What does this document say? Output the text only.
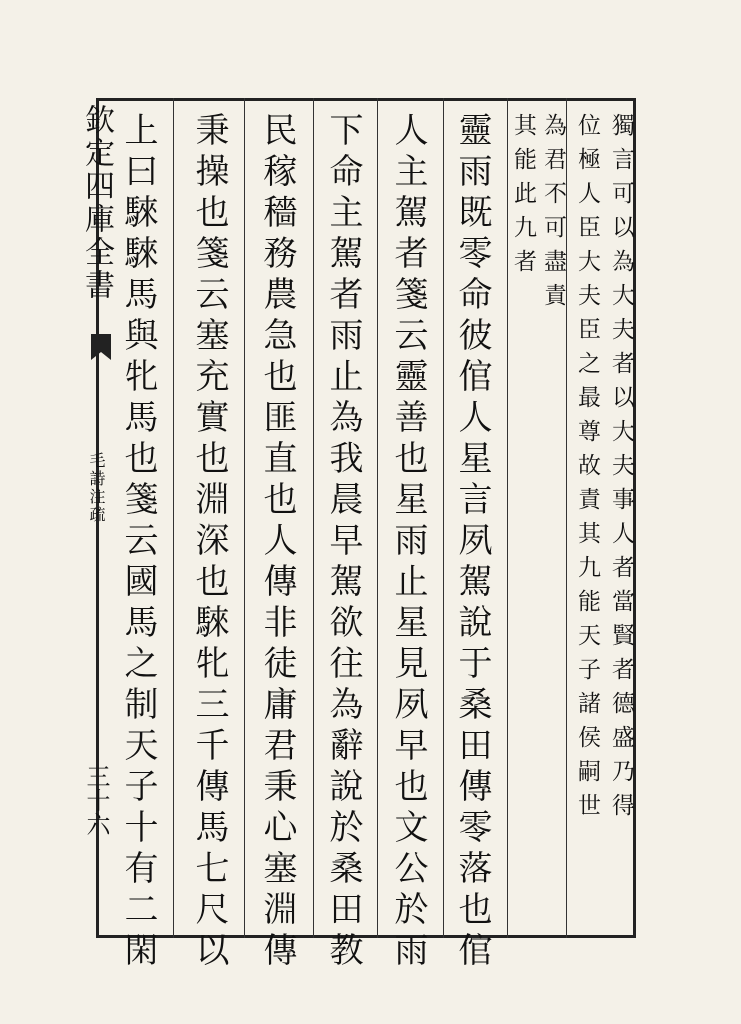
欽定四庫全書
毛詩注疏
三十六	獨言可以為大夫者以大夫事人者當賢者德盛乃得
位極人臣大夫臣之最尊故責其九能天子諸侯嗣世
為君不可盡責
其能此九者
靈雨既零命彼倌人星言夙駕說于桑田傳零落也倌
人主駕者箋云靈善也星雨止星見夙早也文公於雨
下命主駕者雨止為我晨早駕欲往為辭說於桑田教
民稼穡務農急也匪直也人傳非徒庸君秉心塞淵傳
秉操也箋云塞充實也淵深也騋牝三千傳馬七尺以
上曰騋騋馬與牝馬也箋云國馬之制天子十有二閑
